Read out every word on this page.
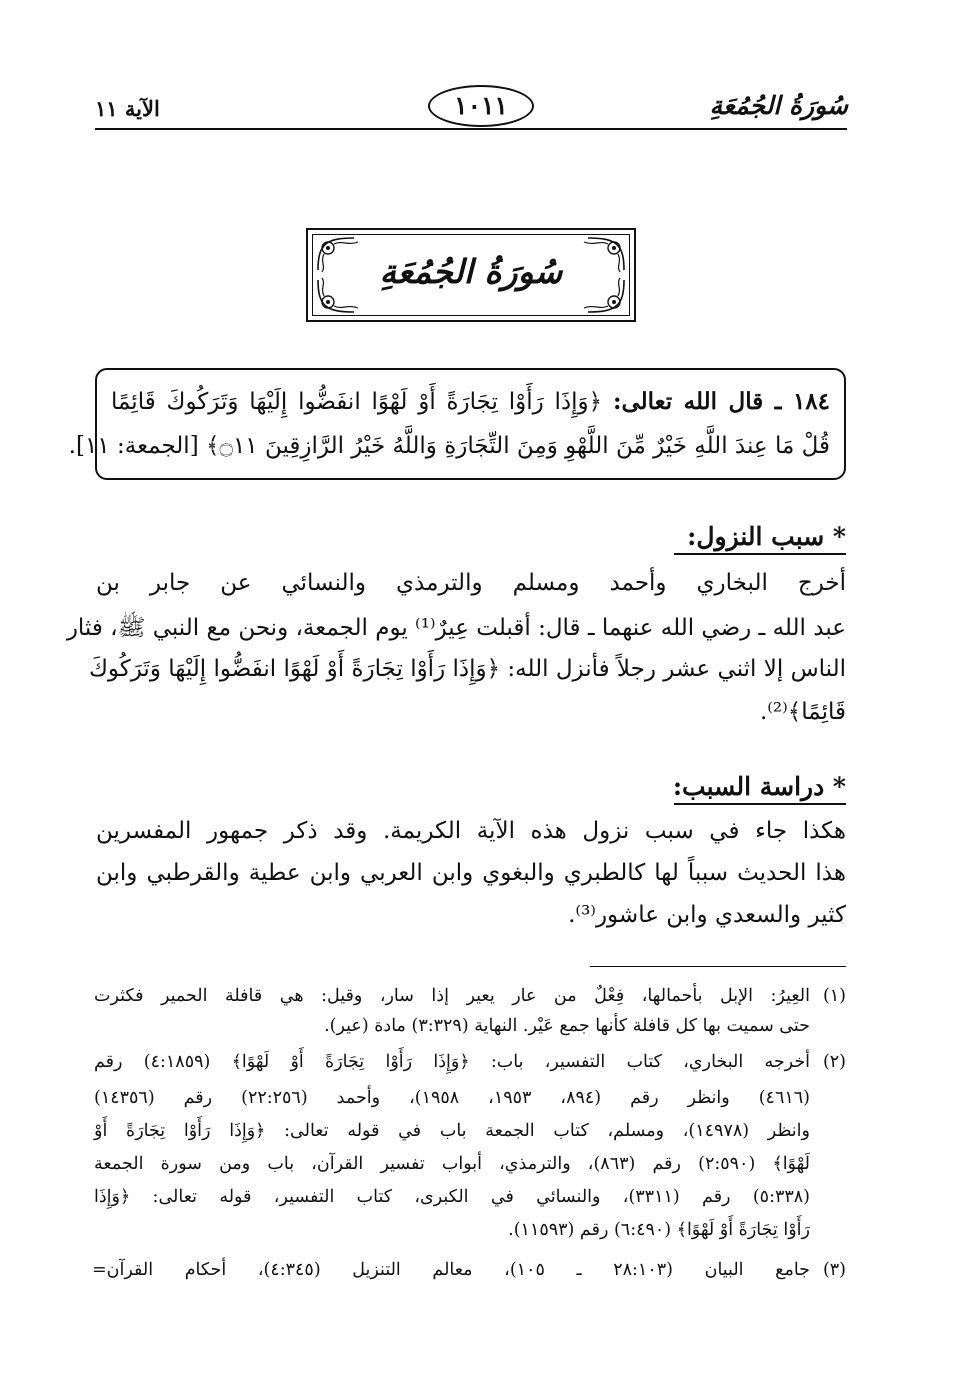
سُورَةُ الجُمُعَةِ
١٠١١
الآية ١١
سُورَةُ الجُمُعَةِ
١٨٤ ـ قال الله تعالى: ﴿وَإِذَا رَأَوْا تِجَارَةً أَوْ لَهْوًا انفَضُّوا إِلَيْهَا وَتَرَكُوكَ قَائِمًا
قُلْ مَا عِندَ اللَّهِ خَيْرٌ مِّنَ اللَّهْوِ وَمِنَ التِّجَارَةِ وَاللَّهُ خَيْرُ الرَّازِقِينَ ۝١١﴾ [الجمعة: ١١].
* سبب النزول:
أخرج البخاري وأحمد ومسلم والترمذي والنسائي عن جابر بن
عبد الله ـ رضي الله عنهما ـ قال: أقبلت عِيرٌ⁽¹⁾ يوم الجمعة، ونحن مع النبي ﷺ، فثار
الناس إلا اثني عشر رجلاً فأنزل الله: ﴿وَإِذَا رَأَوْا تِجَارَةً أَوْ لَهْوًا انفَضُّوا إِلَيْهَا وَتَرَكُوكَ
قَائِمًا﴾⁽²⁾.
* دراسة السبب:
هكذا جاء في سبب نزول هذه الآية الكريمة. وقد ذكر جمهور المفسرين
هذا الحديث سبباً لها كالطبري والبغوي وابن العربي وابن عطية والقرطبي وابن
كثير والسعدي وابن عاشور⁽³⁾.
(١)
العِيرُ: الإبل بأحمالها، فِعْلٌ من عار يعير إذا سار، وقيل: هي قافلة الحمير فكثرت
حتى سميت بها كل قافلة كأنها جمع عَيْر. النهاية (٣:٣٢٩) مادة (عير).
(٢)
أخرجه البخاري، كتاب التفسير، باب: ﴿وَإِذَا رَأَوْا تِجَارَةً أَوْ لَهْوًا﴾ (٤:١٨٥٩) رقم
(٤٦١٦) وانظر رقم (٨٩٤، ١٩٥٣، ١٩٥٨)، وأحمد (٢٢:٢٥٦) رقم (١٤٣٥٦)
وانظر (١٤٩٧٨)، ومسلم، كتاب الجمعة باب في قوله تعالى: ﴿وَإِذَا رَأَوْا تِجَارَةً أَوْ
لَهْوًا﴾ (٢:٥٩٠) رقم (٨٦٣)، والترمذي، أبواب تفسير القرآن، باب ومن سورة الجمعة
(٥:٣٣٨) رقم (٣٣١١)، والنسائي في الكبرى، كتاب التفسير، قوله تعالى: ﴿وَإِذَا
رَأَوْا تِجَارَةً أَوْ لَهْوًا﴾ (٦:٤٩٠) رقم (١١٥٩٣).
(٣)
جامع البيان (٢٨:١٠٣ ـ ١٠٥)، معالم التنزيل (٤:٣٤٥)، أحكام القرآن=
